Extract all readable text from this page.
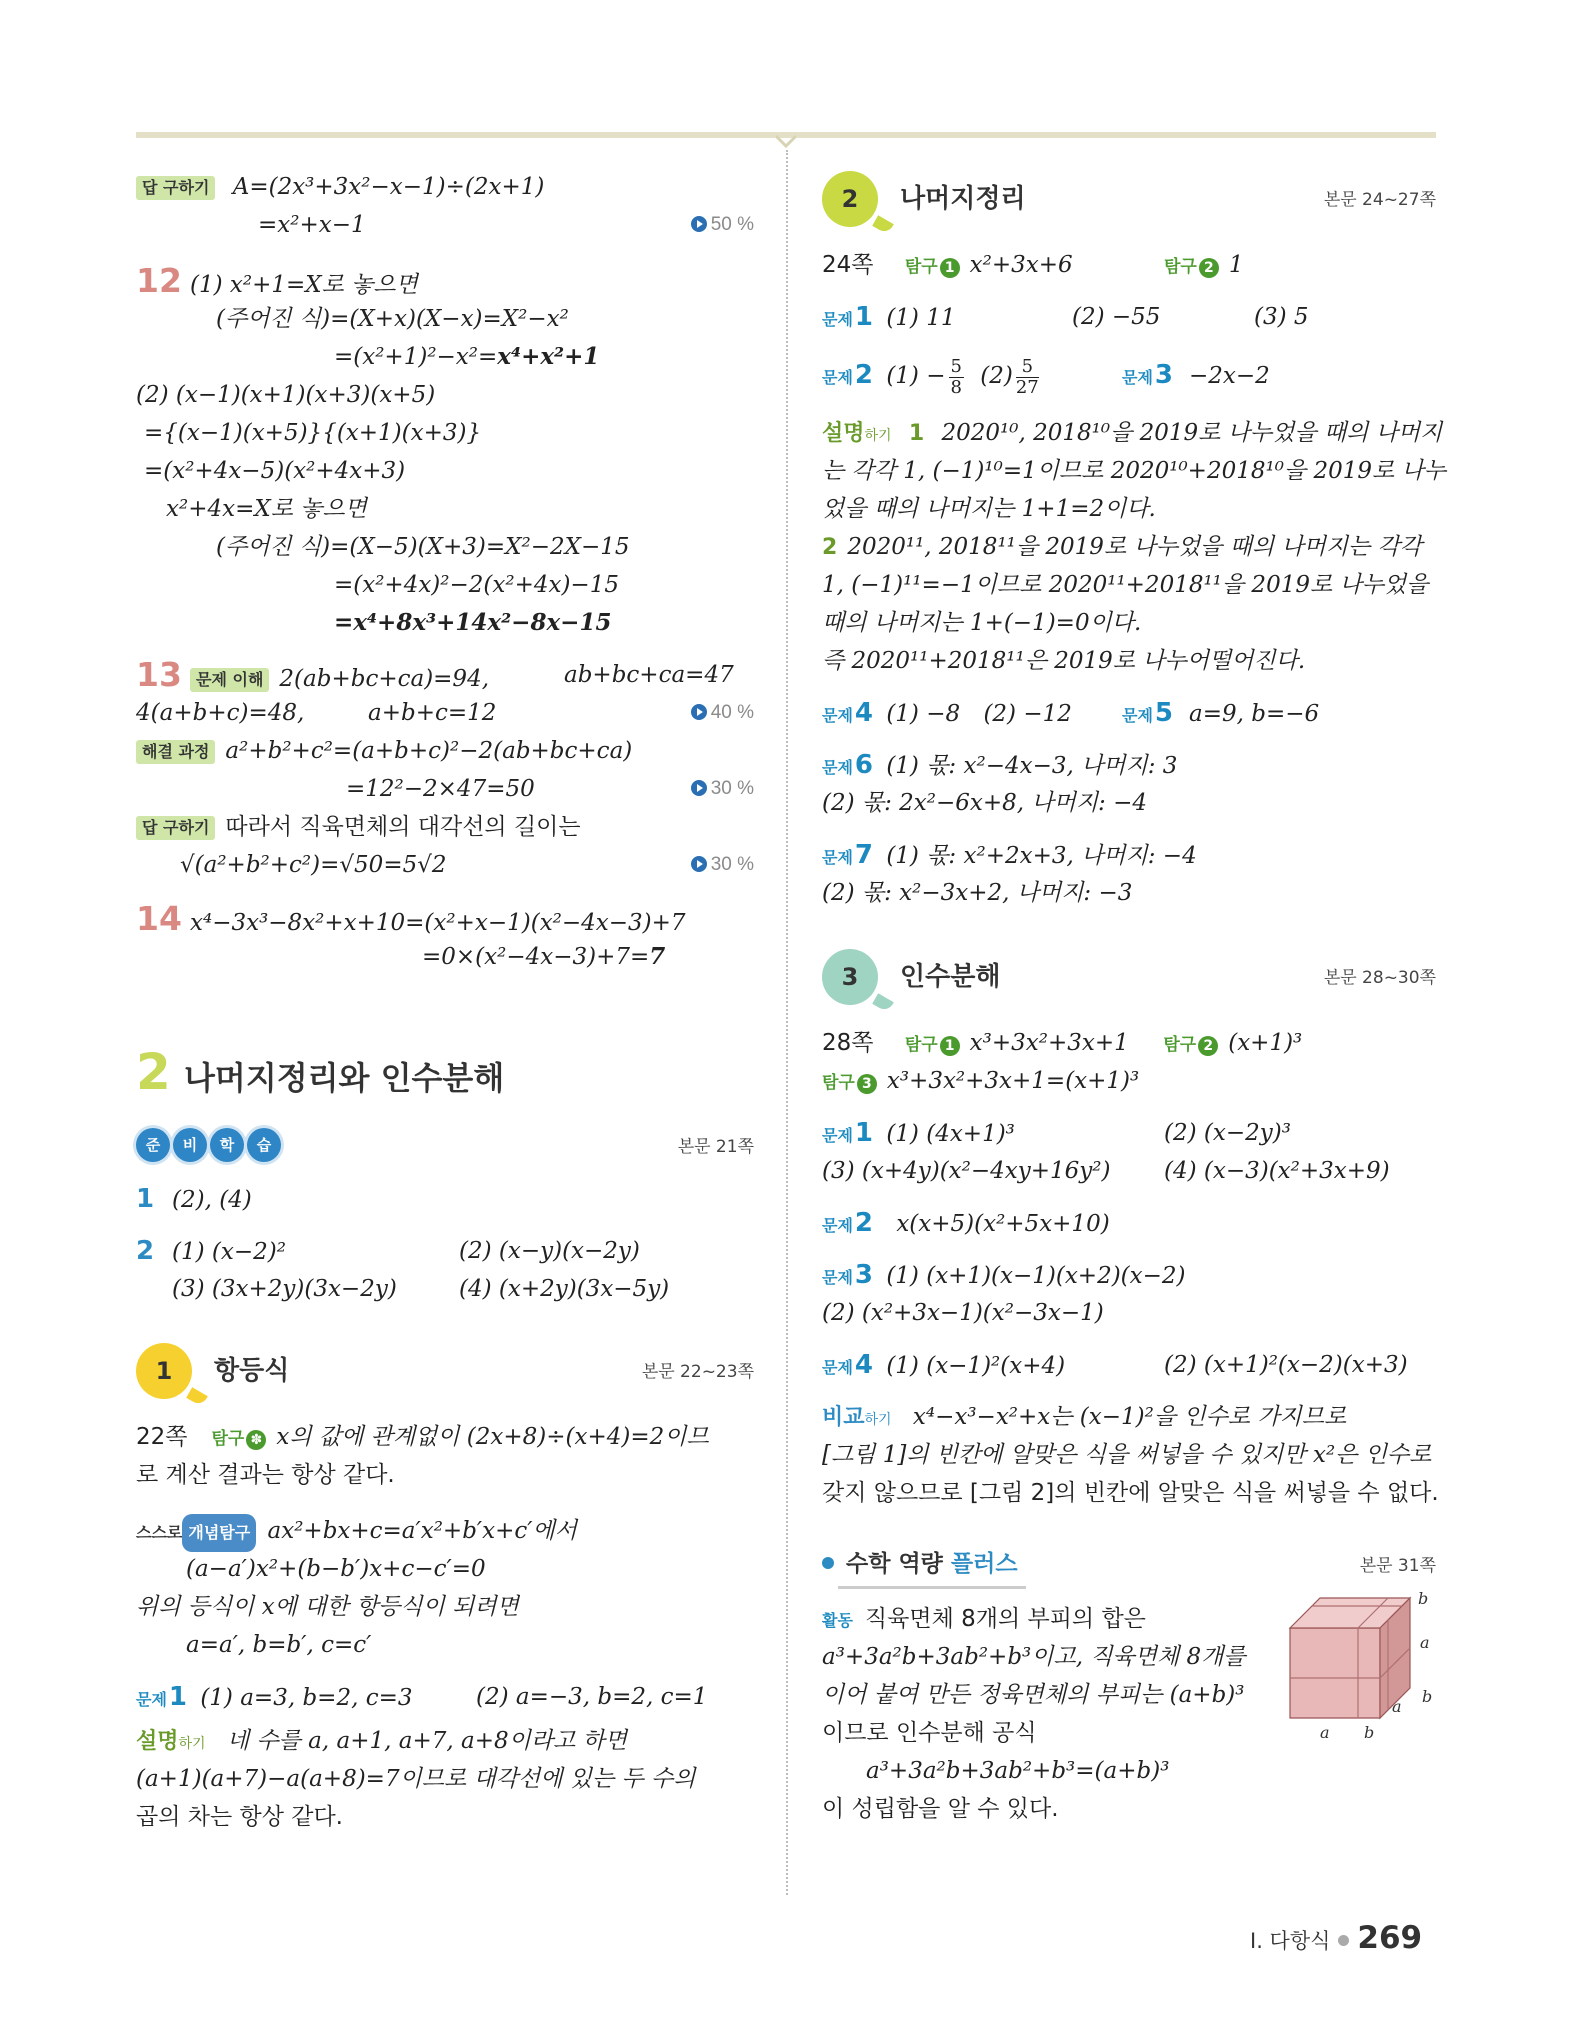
답 구하기 A=(2x³+3x²−x−1)÷(2x+1)
=x²+x−1	50 %
12 (1) x²+1=X로 놓으면
(주어진 식)=(X+x)(X−x)=X²−x²
=(x²+1)²−x²=x⁴+x²+1
(2) (x−1)(x+1)(x+3)(x+5)
={(x−1)(x+5)}{(x+1)(x+3)}
=(x²+4x−5)(x²+4x+3)
x²+4x=X로 놓으면
(주어진 식)=(X−5)(X+3)=X²−2X−15
=(x²+4x)²−2(x²+4x)−15
=x⁴+8x³+14x²−8x−15
13 문제 이해 2(ab+bc+ca)=94,	ab+bc+ca=47
4(a+b+c)=48,	a+b+c=12	40 %
해결 과정 a²+b²+c²=(a+b+c)²−2(ab+bc+ca)
=12²−2×47=50	30 %
답 구하기 따라서 직육면체의 대각선의 길이는
√(a²+b²+c²)=√50=5√2	30 %
14 x⁴−3x³−8x²+x+10=(x²+x−1)(x²−4x−3)+7
=0×(x²−4x−3)+7=7
2 나머지정리와 인수분해
준 비 학 습	본문 21쪽
1 (2), (4)
2 (1) (x−2)²	(2) (x−y)(x−2y)
(3) (3x+2y)(3x−2y)	(4) (x+2y)(3x−5y)
1 항등식	본문 22~23쪽
22쪽 탐구 ✽ x의 값에 관계없이 (2x+8)÷(x+4)=2이므
로 계산 결과는 항상 같다.
스스로 개념탐구 ax²+bx+c=a′x²+b′x+c′에서
(a−a′)x²+(b−b′)x+c−c′=0
위의 등식이 x에 대한 항등식이 되려면
a=a′, b=b′, c=c′
문제1 (1) a=3, b=2, c=3	(2) a=−3, b=2, c=1
설명하기 네 수를 a, a+1, a+7, a+8이라고 하면
(a+1)(a+7)−a(a+8)=7이므로 대각선에 있는 두 수의
곱의 차는 항상 같다.
2 나머지정리	본문 24~27쪽
24쪽 탐구 1 x²+3x+6	탐구 2 1
문제1 (1) 11	(2) −55	(3) 5
문제2 $(1) - \frac{5}{8} (2) \frac{5}{27}$	문제3 −2x−2
설명하기 1 2020¹⁰, 2018¹⁰을 2019로 나누었을 때의 나머지
는 각각 1, (−1)¹⁰=1이므로 2020¹⁰+2018¹⁰을 2019로 나누
었을 때의 나머지는 1+1=2이다.
2 2020¹¹, 2018¹¹을 2019로 나누었을 때의 나머지는 각각
1, (−1)¹¹=−1이므로 2020¹¹+2018¹¹을 2019로 나누었을
때의 나머지는 1+(−1)=0이다.
즉 2020¹¹+2018¹¹은 2019로 나누어떨어진다.
문제4 (1) −8 (2) −12	문제5 a=9, b=−6
문제6 (1) 몫: x²−4x−3, 나머지: 3
(2) 몫: 2x²−6x+8, 나머지: −4
문제7 (1) 몫: x²+2x+3, 나머지: −4
(2) 몫: x²−3x+2, 나머지: −3
3 인수분해	본문 28~30쪽
28쪽 탐구 1 x³+3x²+3x+1 탐구 2 (x+1)³
탐구 3 x³+3x²+3x+1=(x+1)³
문제1 (1) (4x+1)³	(2) (x−2y)³
(3) (x+4y)(x²−4xy+16y²) (4) (x−3)(x²+3x+9)
문제2 x(x+5)(x²+5x+10)
문제3 (1) (x+1)(x−1)(x+2)(x−2)
(2) (x²+3x−1)(x²−3x−1)
문제4 (1) (x−1)²(x+4)	(2) (x+1)²(x−2)(x+3)
비교하기 x⁴−x³−x²+x는 (x−1)²을 인수로 가지므로
[그림 1]의 빈칸에 알맞은 식을 써넣을 수 있지만 x²은 인수로
갖지 않으므로 [그림 2]의 빈칸에 알맞은 식을 써넣을 수 없다.
수학 역량 플러스	본문 31쪽
활동 직육면체 8개의 부피의 합은
a³+3a²b+3ab²+b³이고, 직육면체 8개를
이어 붙여 만든 정육면체의 부피는 (a+b)³
이므로 인수분해 공식
a³+3a²b+3ab²+b³=(a+b)³
이 성립함을 알 수 있다.
b
a
b
a
a b
Ⅰ. 다항식 269
